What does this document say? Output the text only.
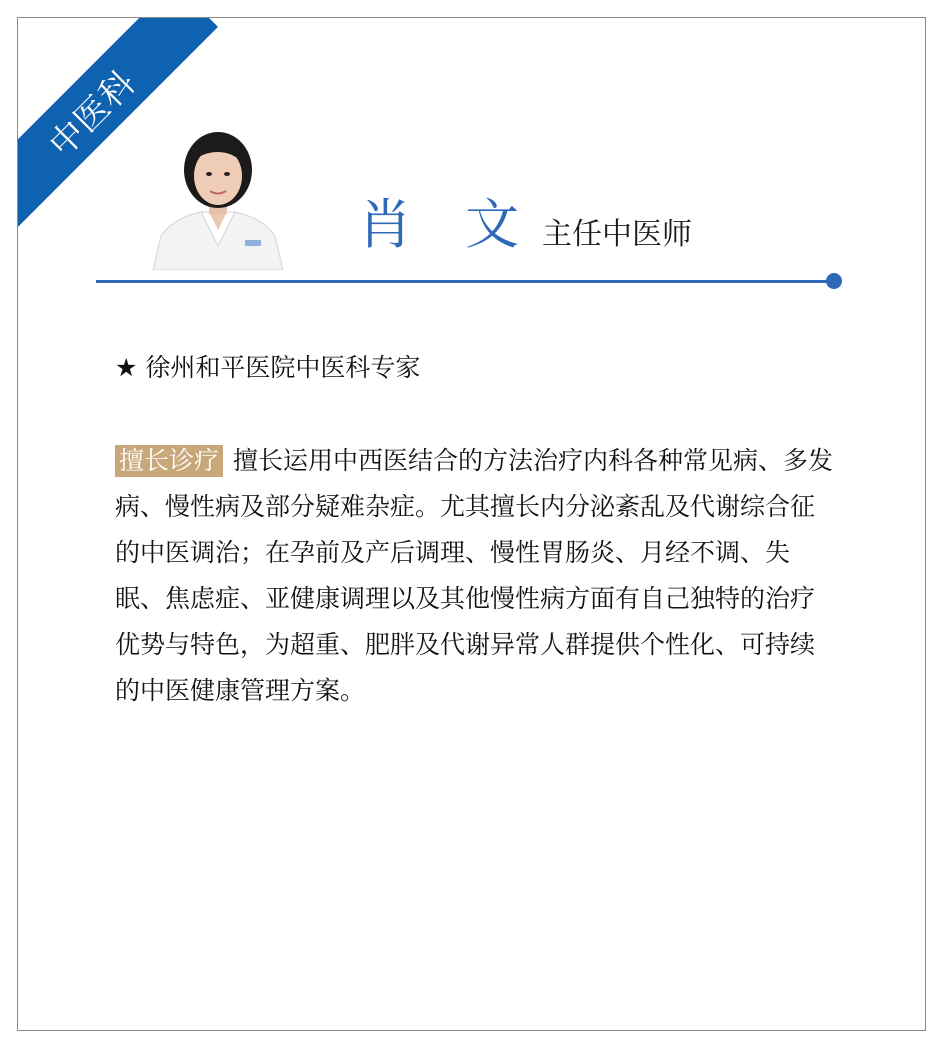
中医科
肖 文 主任中医师
★ 徐州和平医院中医科专家

擅长诊疗 擅长运用中西医结合的方法治疗内科各种常见病、多发病、慢性病及部分疑难杂症。尤其擅长内分泌紊乱及代谢综合征的中医调治；在孕前及产后调理、慢性胃肠炎、月经不调、失眠、焦虑症、亚健康调理以及其他慢性病方面有自己独特的治疗优势与特色，为超重、肥胖及代谢异常人群提供个性化、可持续的中医健康管理方案。
